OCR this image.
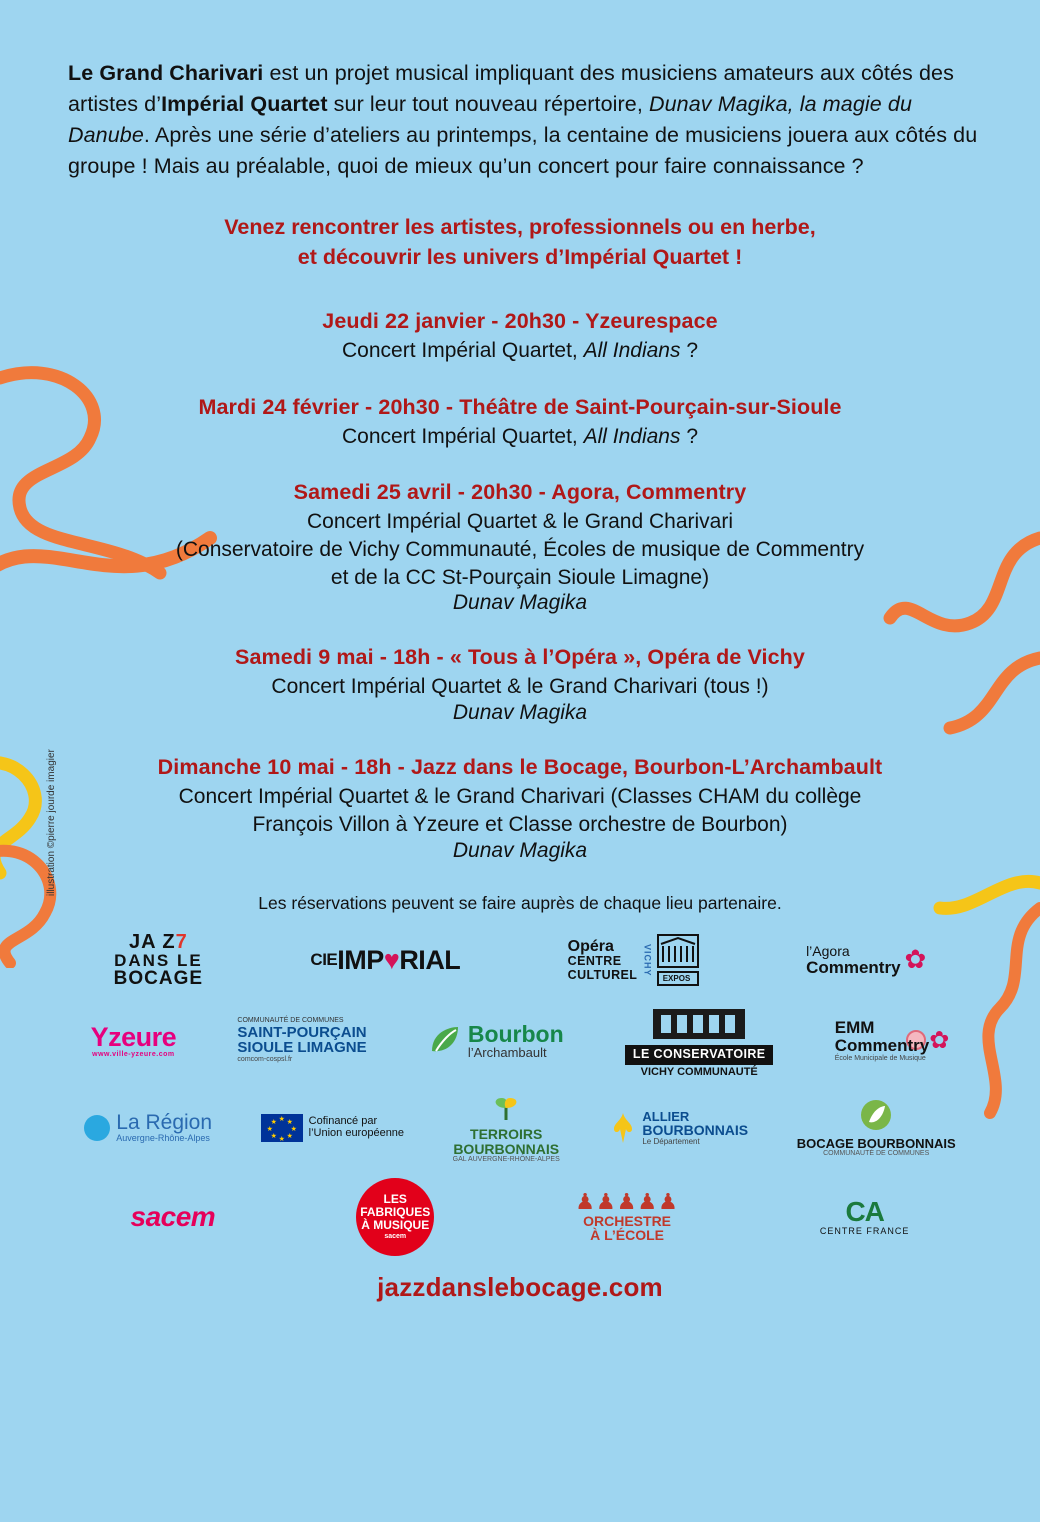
illustration ©pierre jourde imagier

Le Grand Charivari est un projet musical impliquant des musiciens amateurs aux côtés des artistes d’Impérial Quartet sur leur tout nouveau répertoire, Dunav Magika, la magie du Danube. Après une série d’ateliers au printemps, la centaine de musiciens jouera aux côtés du groupe ! Mais au préalable, quoi de mieux qu’un concert pour faire connaissance ?

Venez rencontrer les artistes, professionnels ou en herbe,
et découvrir les univers d’Impérial Quartet !
Jeudi 22 janvier - 20h30 - Yzeurespace
Concert Impérial Quartet, All Indians ?
Mardi 24 février - 20h30 - Théâtre de Saint-Pourçain-sur-Sioule
Concert Impérial Quartet, All Indians ?
Samedi 25 avril - 20h30 - Agora, Commentry
Concert Impérial Quartet & le Grand Charivari
(Conservatoire de Vichy Communauté, Écoles de musique de Commentry
et de la CC St-Pourçain Sioule Limagne)
Dunav Magika
Samedi 9 mai - 18h - « Tous à l’Opéra », Opéra de Vichy
Concert Impérial Quartet & le Grand Charivari (tous !)
Dunav Magika
Dimanche 10 mai - 18h - Jazz dans le Bocage, Bourbon-L’Archambault
Concert Impérial Quartet & le Grand Charivari (Classes CHAM du collège
François Villon à Yzeure et Classe orchestre de Bourbon)
Dunav Magika
Les réservations peuvent se faire auprès de chaque lieu partenaire.
JA Z7
DANS LE
BOCAGE
CIE IMP ♥ RIAL	Opéra
CENTRE
CULTUREL VICHY
EXPOS
l’Agora
Commentry ✿
Yzeure
www.ville-yzeure.com
COMMUNAUTÉ DE COMMUNES
SAINT-POURÇAIN
SIOULE LIMAGNE
comcom-cospsl.fr
Bourbon
l’Archambault	LE CONSERVATOIRE
VICHY COMMUNAUTÉ
EMM
Commentry
École Municipale de Musique
✿
La Région
Auvergne-Rhône-Alpes
★ ★
★
★
★
★
★
★	Cofinancé par
l’Union européenne	TERROIRS
BOURBONNAIS
GAL AUVERGNE-RHÔNE-ALPES
ALLIER
BOURBONNAIS
Le Département	BOCAGE BOURBONNAIS
COMMUNAUTÉ DE COMMUNES
sacem
LES
FABRIQUES
À MUSIQUE
sacem
♟♟♟♟♟
ORCHESTRE
À L’ÉCOLE
CA
CENTRE FRANCE
jazzdanslebocage.com
